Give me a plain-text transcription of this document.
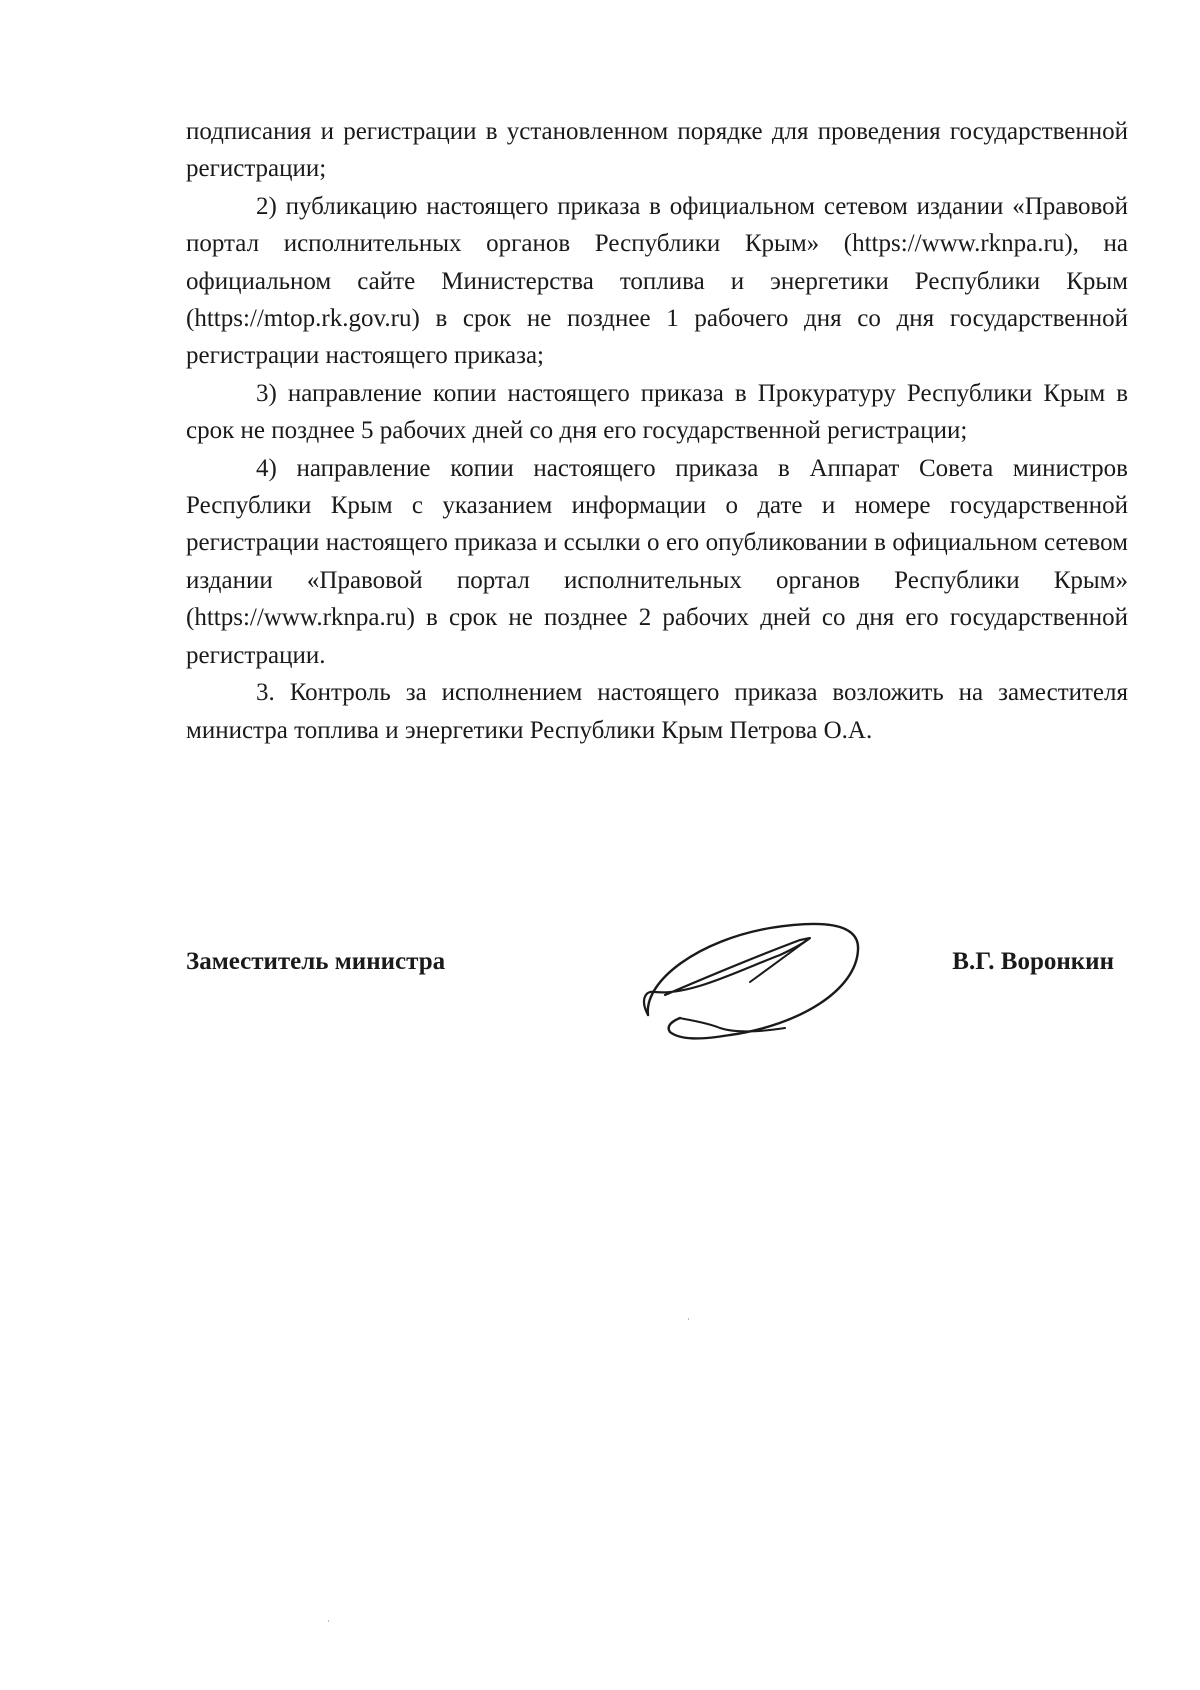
подписания и регистрации в установленном порядке для проведения государственной регистрации;

2) публикацию настоящего приказа в официальном сетевом издании «Правовой портал исполнительных органов Республики Крым» (https://www.rknpa.ru), на официальном сайте Министерства топлива и энергетики Республики Крым (https://mtop.rk.gov.ru) в срок не позднее 1 рабочего дня со дня государственной регистрации настоящего приказа;

3) направление копии настоящего приказа в Прокуратуру Республики Крым в срок не позднее 5 рабочих дней со дня его государственной регистрации;

4) направление копии настоящего приказа в Аппарат Совета министров Республики Крым с указанием информации о дате и номере государственной регистрации настоящего приказа и ссылки о его опубликовании в официальном сетевом издании «Правовой портал исполнительных органов Республики Крым» (https://www.rknpa.ru) в срок не позднее 2 рабочих дней со дня его государственной регистрации.

3. Контроль за исполнением настоящего приказа возложить на заместителя министра топлива и энергетики Республики Крым Петрова О.А.

Заместитель министра	В.Г. Воронкин
